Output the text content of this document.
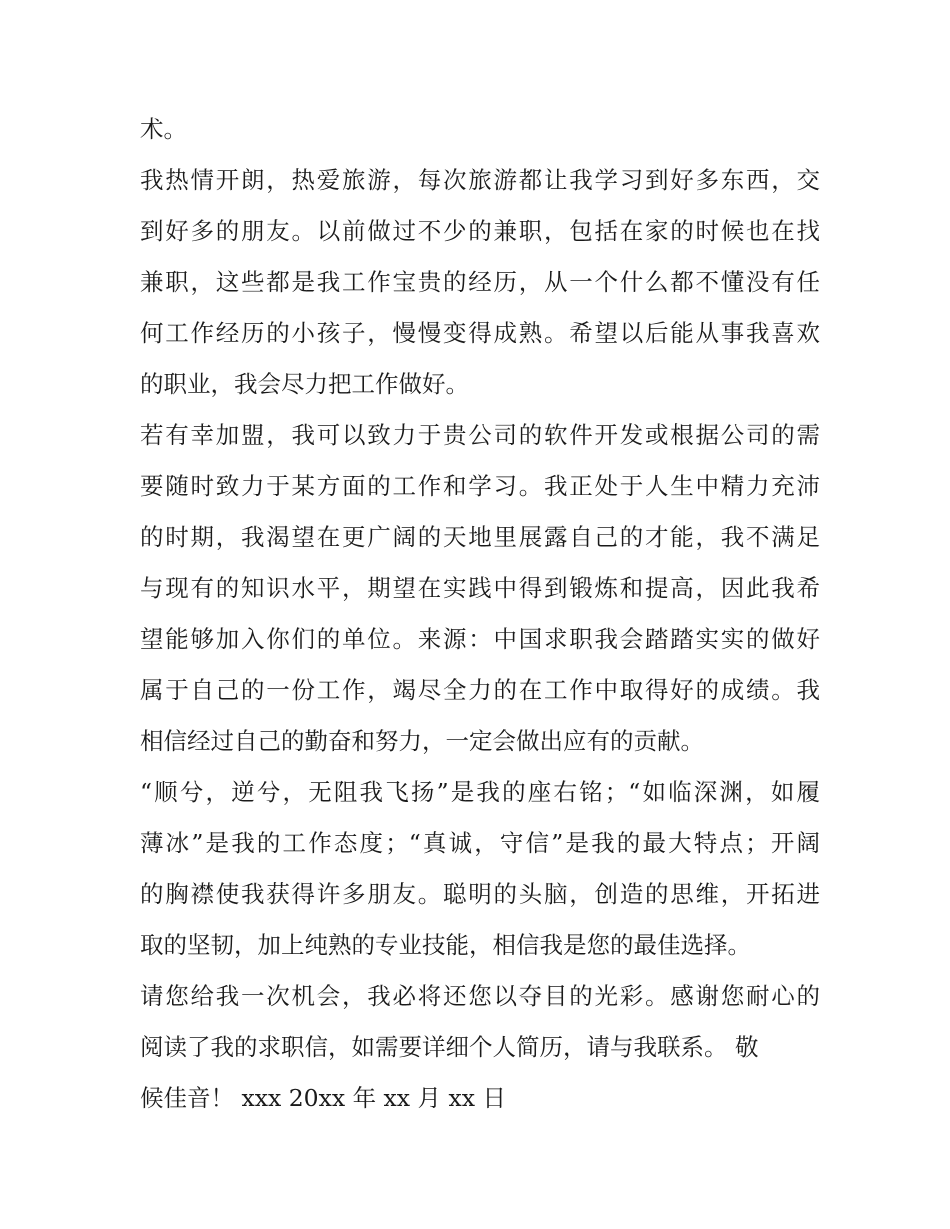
术。

我热情开朗，热爱旅游，每次旅游都让我学习到好多东西，交

到好多的朋友。以前做过不少的兼职，包括在家的时候也在找

兼职，这些都是我工作宝贵的经历，从一个什么都不懂没有任

何工作经历的小孩子，慢慢变得成熟。希望以后能从事我喜欢

的职业，我会尽力把工作做好。

若有幸加盟，我可以致力于贵公司的软件开发或根据公司的需

要随时致力于某方面的工作和学习。我正处于人生中精力充沛

的时期，我渴望在更广阔的天地里展露自己的才能，我不满足

与现有的知识水平，期望在实践中得到锻炼和提高，因此我希

望能够加入你们的单位。来源：中国求职我会踏踏实实的做好

属于自己的一份工作，竭尽全力的在工作中取得好的成绩。我

相信经过自己的勤奋和努力，一定会做出应有的贡献。

“顺兮，逆兮，无阻我飞扬”是我的座右铭；“如临深渊，如履

薄冰”是我的工作态度；“真诚，守信”是我的最大特点；开阔

的胸襟使我获得许多朋友。聪明的头脑，创造的思维，开拓进

取的坚韧，加上纯熟的专业技能，相信我是您的最佳选择。

请您给我一次机会，我必将还您以夺目的光彩。感谢您耐心的

阅读了我的求职信，如需要详细个人简历，请与我联系。 敬

候佳音！ xxx 20xx 年 xx 月 xx 日
